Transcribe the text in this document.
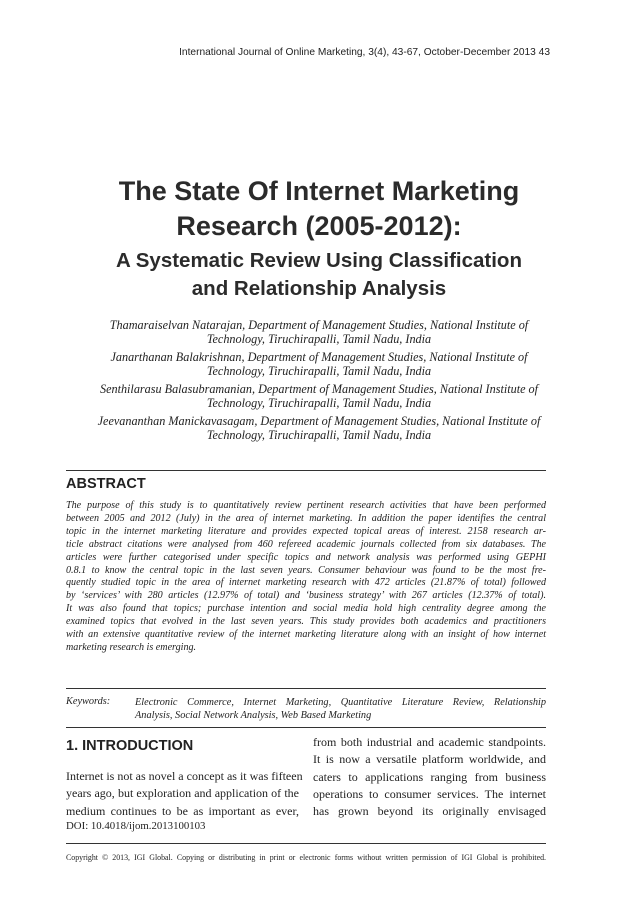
International Journal of Online Marketing, 3(4), 43-67, October-December 2013 43
The State Of Internet Marketing
Research (2005-2012):
A Systematic Review Using Classification
and Relationship Analysis
Thamaraiselvan Natarajan, Department of Management Studies, National Institute of
Technology, Tiruchirapalli, Tamil Nadu, India
Janarthanan Balakrishnan, Department of Management Studies, National Institute of
Technology, Tiruchirapalli, Tamil Nadu, India
Senthilarasu Balasubramanian, Department of Management Studies, National Institute of
Technology, Tiruchirapalli, Tamil Nadu, India
Jeevananthan Manickavasagam, Department of Management Studies, National Institute of
Technology, Tiruchirapalli, Tamil Nadu, India
ABSTRACT
The purpose of this study is to quantitatively review pertinent research activities that have been performed
between 2005 and 2012 (July) in the area of internet marketing. In addition the paper identifies the central
topic in the internet marketing literature and provides expected topical areas of interest. 2158 research ar-
ticle abstract citations were analysed from 460 refereed academic journals collected from six databases. The
articles were further categorised under specific topics and network analysis was performed using GEPHI
0.8.1 to know the central topic in the last seven years. Consumer behaviour was found to be the most fre-
quently studied topic in the area of internet marketing research with 472 articles (21.87% of total) followed
by ‘services’ with 280 articles (12.97% of total) and ‘business strategy’ with 267 articles (12.37% of total).
It was also found that topics; purchase intention and social media hold high centrality degree among the
examined topics that evolved in the last seven years. This study provides both academics and practitioners
with an extensive quantitative review of the internet marketing literature along with an insight of how internet
marketing research is emerging.
Keywords: Electronic Commerce, Internet Marketing, Quantitative Literature Review, Relationship
Analysis, Social Network Analysis, Web Based Marketing
1. INTRODUCTION
Internet is not as novel a concept as it was fifteen
years ago, but exploration and application of the
medium continues to be as important as ever,
from both industrial and academic standpoints.
It is now a versatile platform worldwide, and
caters to applications ranging from business
operations to consumer services. The internet
has grown beyond its originally envisaged
DOI: 10.4018/ijom.2013100103
Copyright © 2013, IGI Global. Copying or distributing in print or electronic forms without written permission of IGI Global is prohibited.
